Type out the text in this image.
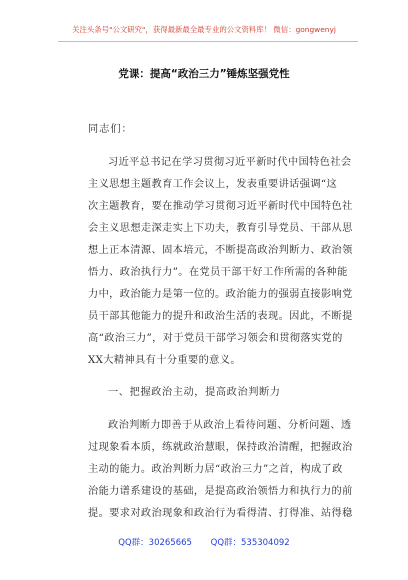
关注头条号"公文研究"，获得最新最全最专业的公文资料库！ 微信：gongwenyj
党课：提高“政治三力”锤炼坚强党性
同志们：
习近平总书记在学习贯彻习近平新时代中国特色社会
主义思想主题教育工作会议上，发表重要讲话强调“这
次主题教育，要在推动学习贯彻习近平新时代中国特色社
会主义思想走深走实上下功夫，教育引导党员、干部从思
想上正本清源、固本培元，不断提高政治判断力、政治领
悟力、政治执行力”。在党员干部干好工作所需的各种能
力中，政治能力是第一位的。政治能力的强弱直接影响党
员干部其他能力的提升和政治生活的表现。因此，不断提
高“政治三力”，对于党员干部学习领会和贯彻落实党的
XX大精神具有十分重要的意义。
一、把握政治主动，提高政治判断力
政治判断力即善于从政治上看待问题、分析问题、透
过现象看本质，练就政治慧眼，保持政治清醒，把握政治
主动的能力。政治判断力居“政治三力”之首，构成了政
治能力谱系建设的基础，是提高政治领悟力和执行力的前
提。要求对政治现象和政治行为看得清、打得准、站得稳
QQ群：30265665 QQ群：535304092
